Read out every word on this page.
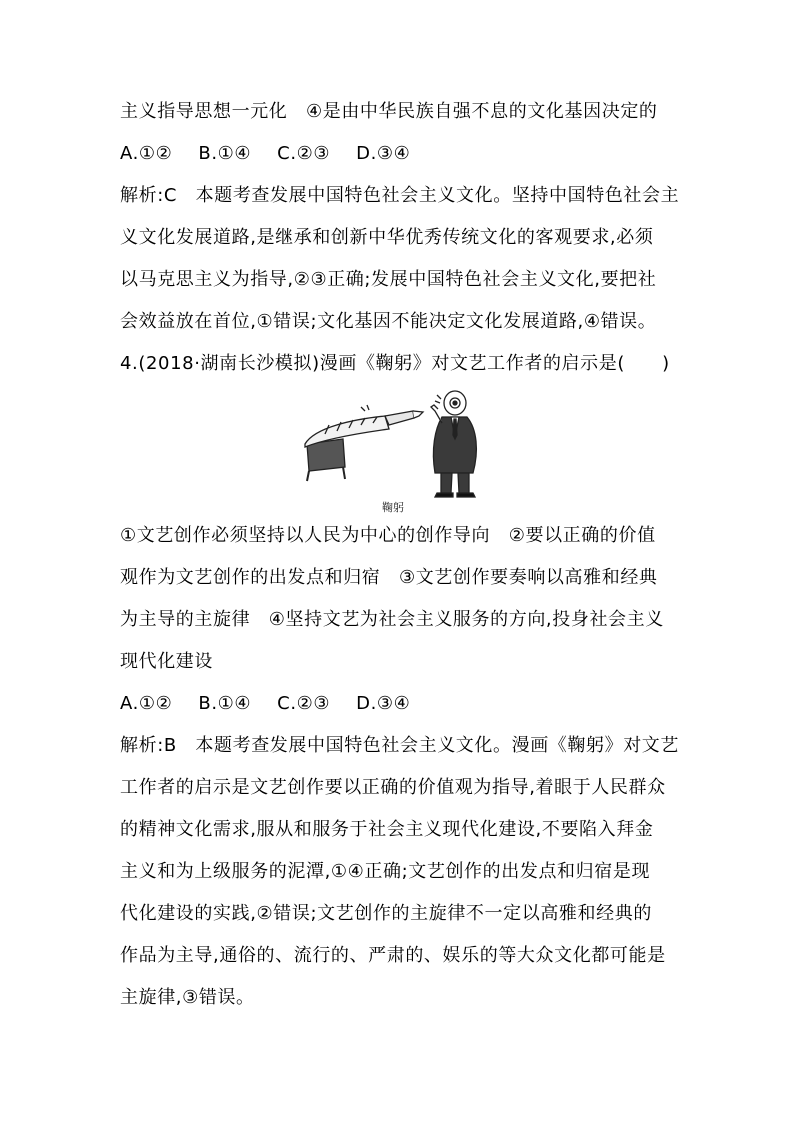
主义指导思想一元化　④是由中华民族自强不息的文化基因决定的

A.①② B.①④ C.②③ D.③④

解析:C　本题考查发展中国特色社会主义文化。坚持中国特色社会主

义文化发展道路,是继承和创新中华优秀传统文化的客观要求,必须

以马克思主义为指导,②③正确;发展中国特色社会主义文化,要把社

会效益放在首位,①错误;文化基因不能决定文化发展道路,④错误。

4.(2018·湖南长沙模拟)漫画《鞠躬》对文艺工作者的启示是(　　)

鞠躬

①文艺创作必须坚持以人民为中心的创作导向　②要以正确的价值

观作为文艺创作的出发点和归宿　③文艺创作要奏响以高雅和经典

为主导的主旋律　④坚持文艺为社会主义服务的方向,投身社会主义

现代化建设

A.①② B.①④ C.②③ D.③④

解析:B　本题考查发展中国特色社会主义文化。漫画《鞠躬》对文艺

工作者的启示是文艺创作要以正确的价值观为指导,着眼于人民群众

的精神文化需求,服从和服务于社会主义现代化建设,不要陷入拜金

主义和为上级服务的泥潭,①④正确;文艺创作的出发点和归宿是现

代化建设的实践,②错误;文艺创作的主旋律不一定以高雅和经典的

作品为主导,通俗的、流行的、严肃的、娱乐的等大众文化都可能是

主旋律,③错误。
